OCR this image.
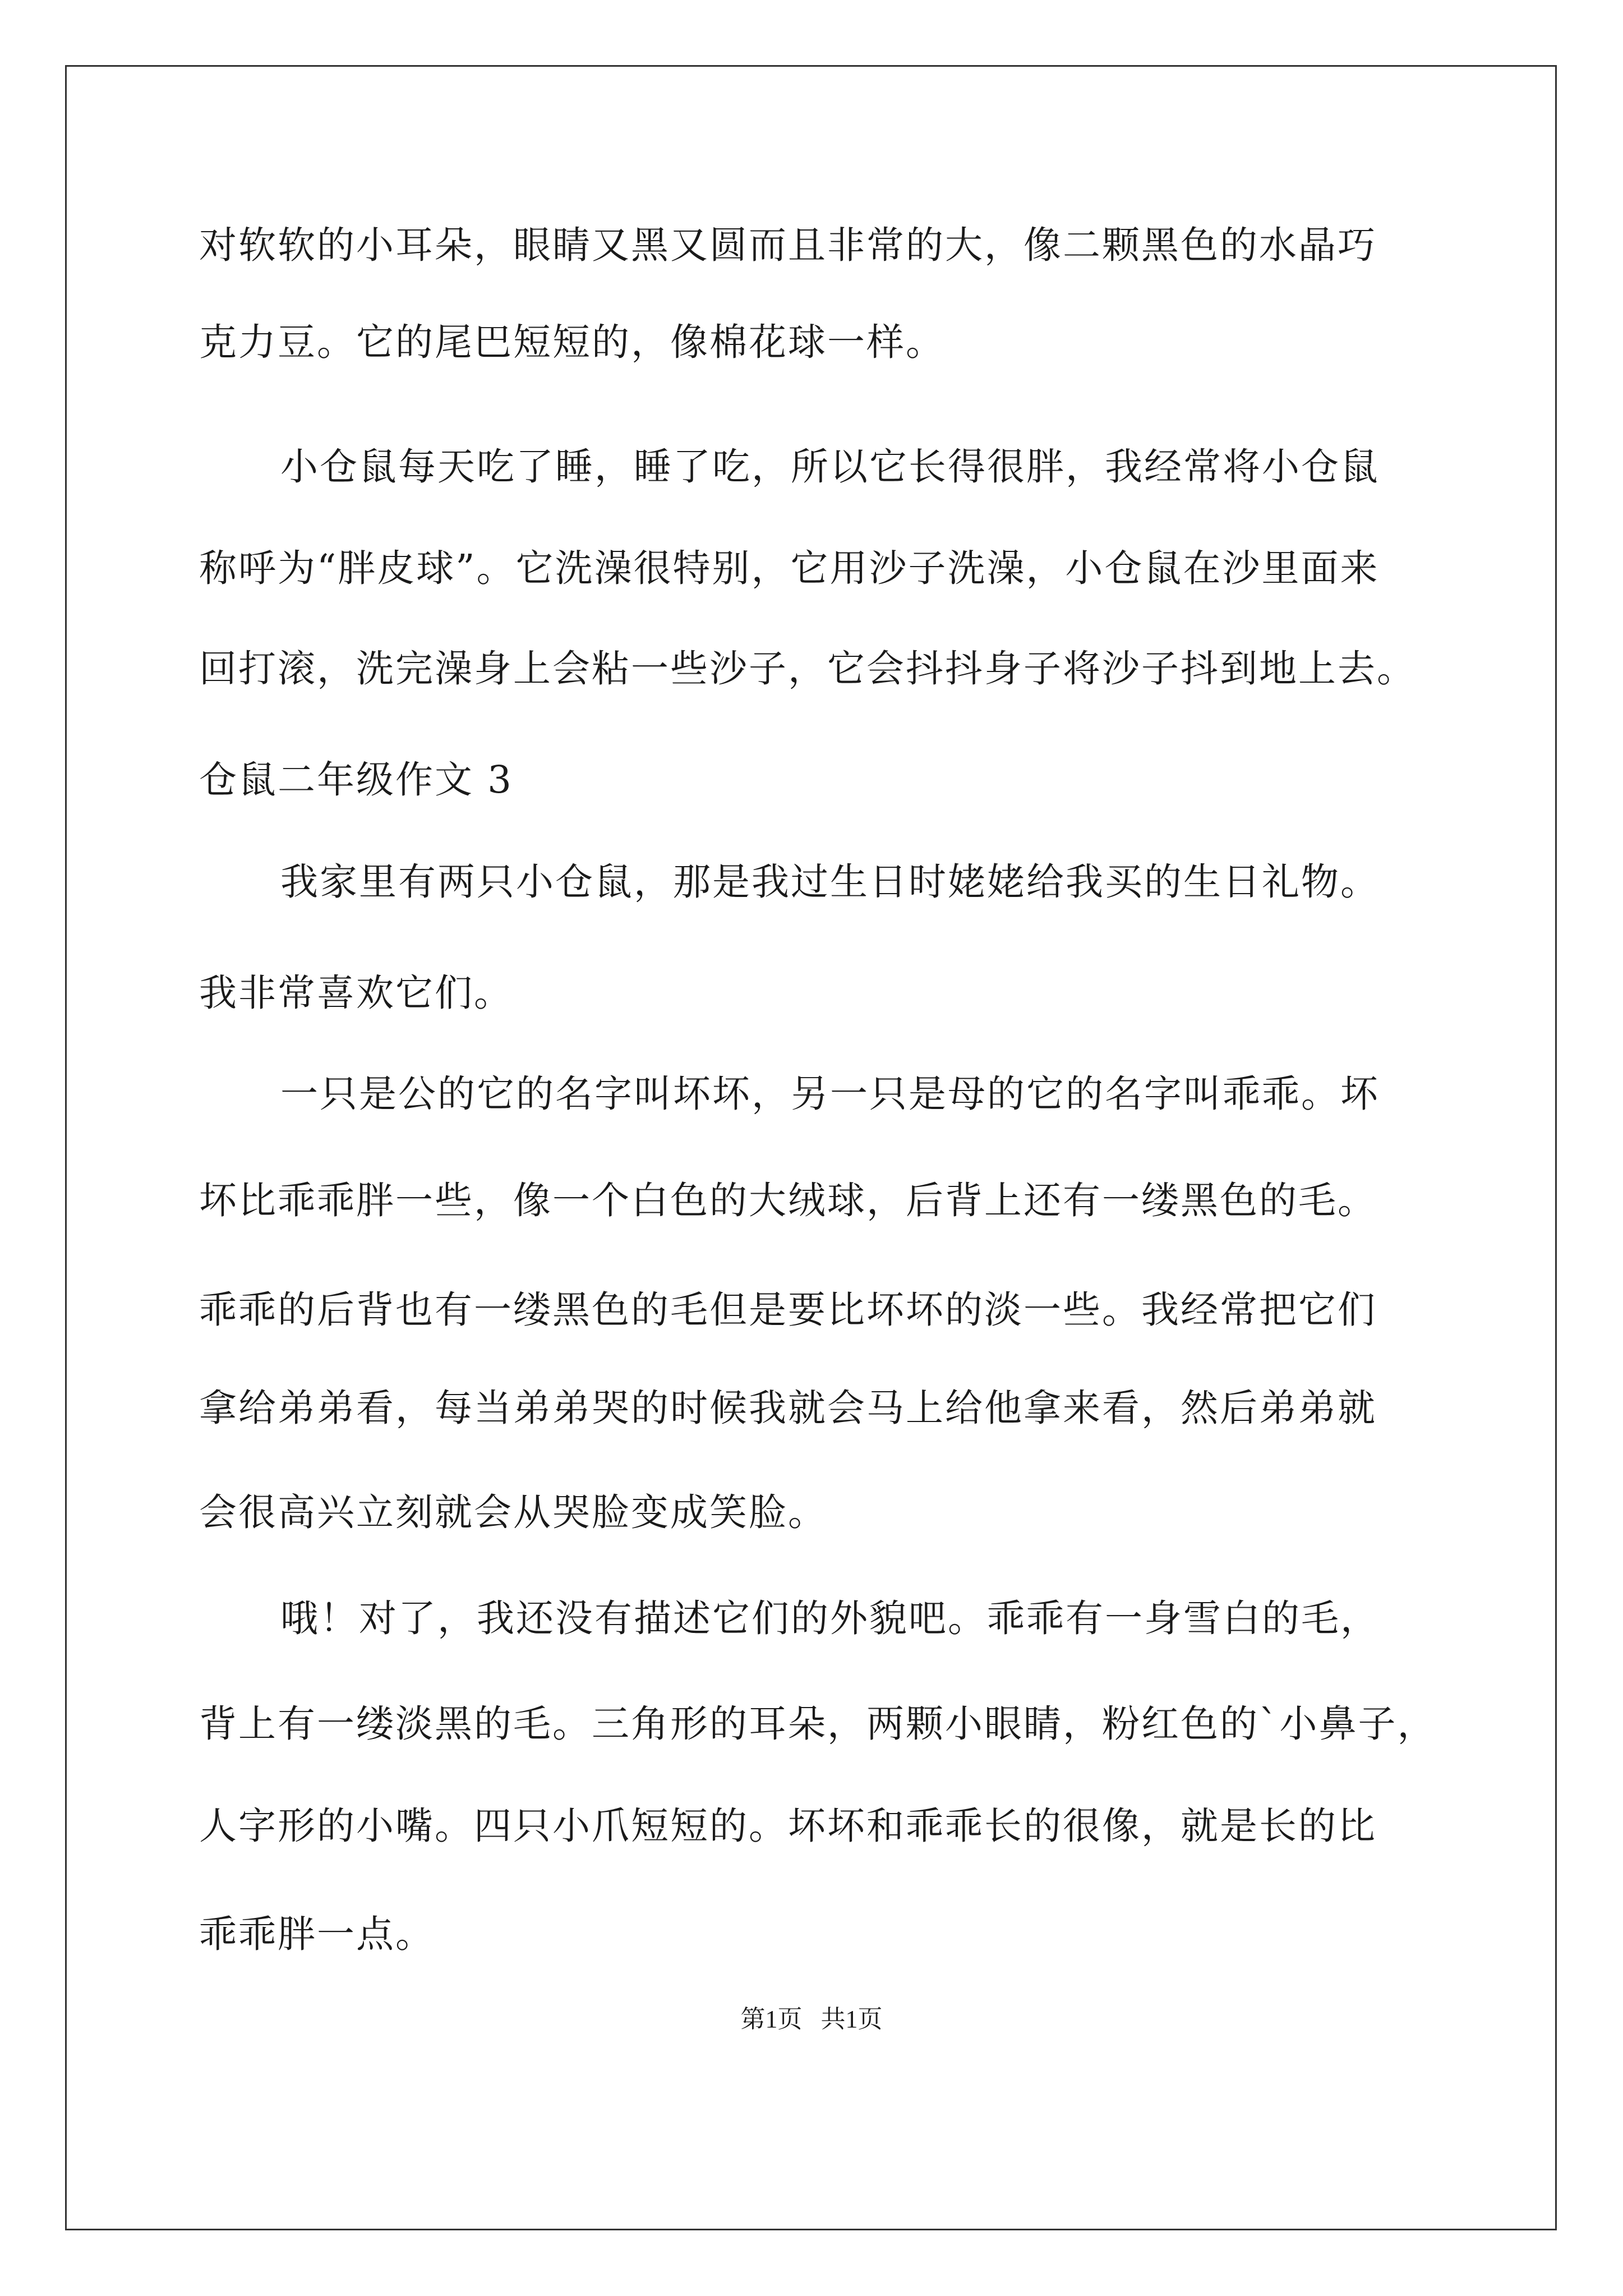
对软软的小耳朵，眼睛又黑又圆而且非常的大，像二颗黑色的水晶巧
克力豆。它的尾巴短短的，像棉花球一样。
小仓鼠每天吃了睡，睡了吃，所以它长得很胖，我经常将小仓鼠
称呼为“胖皮球”。它洗澡很特别，它用沙子洗澡，小仓鼠在沙里面来
回打滚，洗完澡身上会粘一些沙子，它会抖抖身子将沙子抖到地上去。
仓鼠二年级作文 3
我家里有两只小仓鼠，那是我过生日时姥姥给我买的生日礼物。
我非常喜欢它们。
一只是公的它的名字叫坏坏，另一只是母的它的名字叫乖乖。坏
坏比乖乖胖一些，像一个白色的大绒球，后背上还有一缕黑色的毛。
乖乖的后背也有一缕黑色的毛但是要比坏坏的淡一些。我经常把它们
拿给弟弟看，每当弟弟哭的时候我就会马上给他拿来看，然后弟弟就
会很高兴立刻就会从哭脸变成笑脸。
哦！对了，我还没有描述它们的外貌吧。乖乖有一身雪白的毛，
背上有一缕淡黑的毛。三角形的耳朵，两颗小眼睛，粉红色的`小鼻子，
人字形的小嘴。四只小爪短短的。坏坏和乖乖长的很像，就是长的比
乖乖胖一点。
第1页   共1页
